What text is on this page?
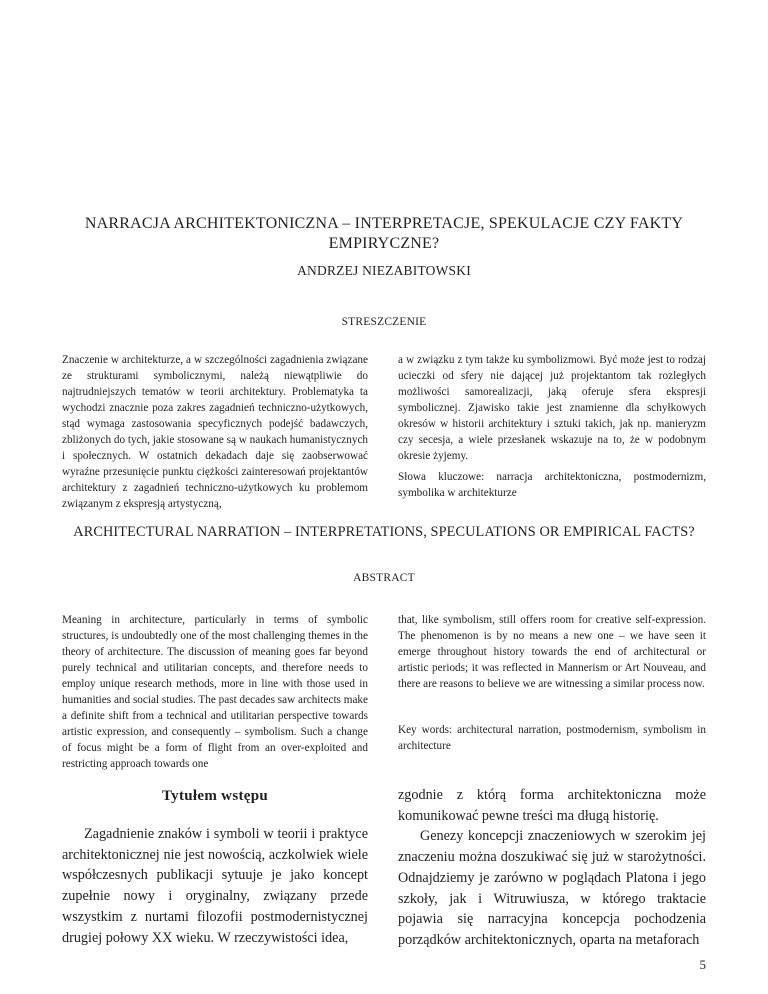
NARRACJA ARCHITEKTONICZNA – INTERPRETACJE, SPEKULACJE CZY FAKTY EMPIRYCZNE?
ANDRZEJ NIEZABITOWSKI
STRESZCZENIE
Znaczenie w architekturze, a w szczególności zagadnienia związane ze strukturami symbolicznymi, należą niewątpliwie do najtrudniejszych tematów w teorii architektury. Problematyka ta wychodzi znacznie poza zakres zagadnień techniczno-użytkowych, stąd wymaga zastosowania specyficznych podejść badawczych, zbliżonych do tych, jakie stosowane są w naukach humanistycznych i społecznych. W ostatnich dekadach daje się zaobserwować wyraźne przesunięcie punktu ciężkości zainteresowań projektantów architektury z zagadnień techniczno-użytkowych ku problemom związanym z ekspresją artystyczną,
a w związku z tym także ku symbolizmowi. Być może jest to rodzaj ucieczki od sfery nie dającej już projektantom tak rozległych możliwości samorealizacji, jaką oferuje sfera ekspresji symbolicznej. Zjawisko takie jest znamienne dla schyłkowych okresów w historii architektury i sztuki takich, jak np. manieryzm czy secesja, a wiele przesłanek wskazuje na to, że w podobnym okresie żyjemy.
Słowa kluczowe: narracja architektoniczna, postmodernizm, symbolika w architekturze
ARCHITECTURAL NARRATION – INTERPRETATIONS, SPECULATIONS OR EMPIRICAL FACTS?
ABSTRACT
Meaning in architecture, particularly in terms of symbolic structures, is undoubtedly one of the most challenging themes in the theory of architecture. The discussion of meaning goes far beyond purely technical and utilitarian concepts, and therefore needs to employ unique research methods, more in line with those used in humanities and social studies. The past decades saw architects make a definite shift from a technical and utilitarian perspective towards artistic expression, and consequently – symbolism. Such a change of focus might be a form of flight from an over-exploited and restricting approach towards one
that, like symbolism, still offers room for creative self-expression. The phenomenon is by no means a new one – we have seen it emerge throughout history towards the end of architectural or artistic periods; it was reflected in Mannerism or Art Nouveau, and there are reasons to believe we are witnessing a similar process now.
Key words: architectural narration, postmodernism, symbolism in architecture
Tytułem wstępu
Zagadnienie znaków i symboli w teorii i praktyce architektonicznej nie jest nowością, aczkolwiek wiele współczesnych publikacji sytuuje je jako koncept zupełnie nowy i oryginalny, związany przede wszystkim z nurtami filozofii postmodernistycznej drugiej połowy XX wieku. W rzeczywistości idea,

zgodnie z którą forma architektoniczna może komunikować pewne treści ma długą historię.

Genezy koncepcji znaczeniowych w szerokim jej znaczeniu można doszukiwać się już w starożytności. Odnajdziemy je zarówno w poglądach Platona i jego szkoły, jak i Witruwiusza, w którego traktacie pojawia się narracyjna koncepcja pochodzenia porządków architektonicznych, oparta na metaforach

5
